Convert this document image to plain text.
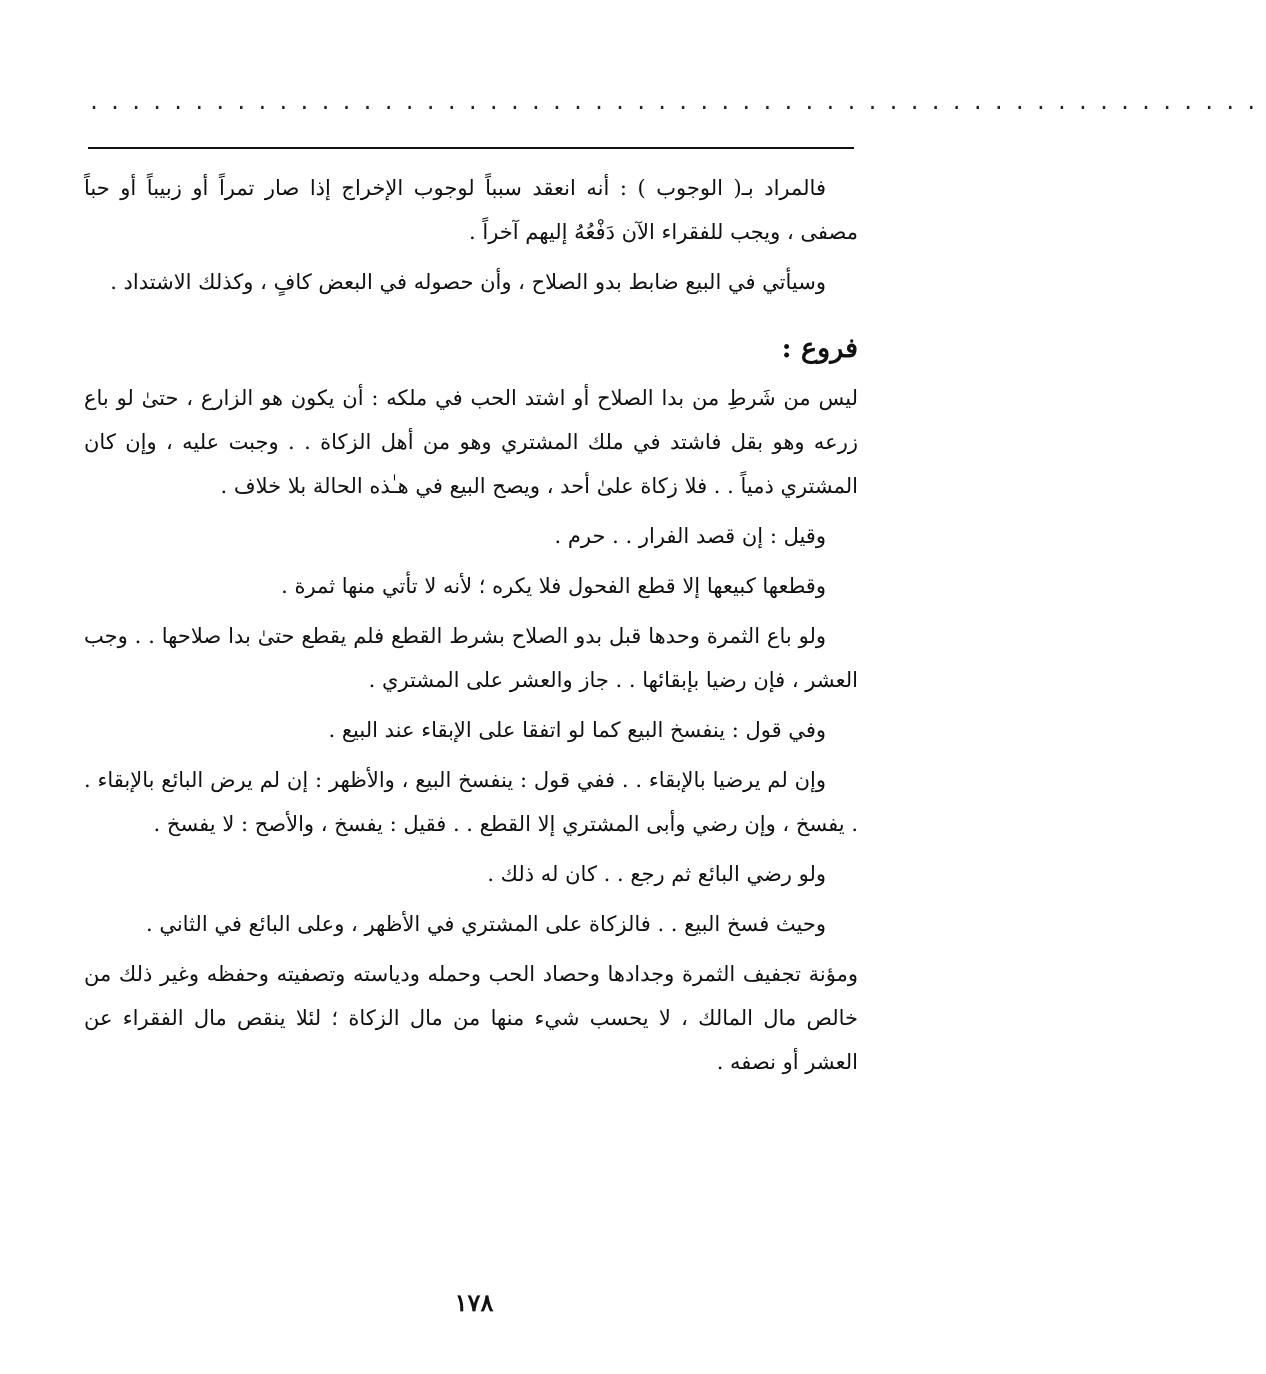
........................................................

فالمراد بـ( الوجوب ) : أنه انعقد سبباً لوجوب الإخراج إذا صار تمراً أو زبيباً أو حباً مصفى ، ويجب للفقراء الآن دَفْعُهُ إليهم آخراً .

وسيأتي في البيع ضابط بدو الصلاح ، وأن حصوله في البعض كافٍ ، وكذلك الاشتداد .

فروع :

ليس من شَرطِ من بدا الصلاح أو اشتد الحب في ملكه : أن يكون هو الزارع ، حتىٰ لو باع زرعه وهو بقل فاشتد في ملك المشتري وهو من أهل الزكاة . . وجبت عليه ، وإن كان المشتري ذمياً . . فلا زكاة علىٰ أحد ، ويصح البيع في هـٰذه الحالة بلا خلاف .

وقيل : إن قصد الفرار . . حرم .

وقطعها كبيعها إلا قطع الفحول فلا يكره ؛ لأنه لا تأتي منها ثمرة .

ولو باع الثمرة وحدها قبل بدو الصلاح بشرط القطع فلم يقطع حتىٰ بدا صلاحها . . وجب العشر ، فإن رضيا بإبقائها . . جاز والعشر على المشتري .

وفي قول : ينفسخ البيع كما لو اتفقا على الإبقاء عند البيع .

وإن لم يرضيا بالإبقاء . . ففي قول : ينفسخ البيع ، والأظهر : إن لم يرض البائع بالإبقاء . . يفسخ ، وإن رضي وأبى المشتري إلا القطع . . فقيل : يفسخ ، والأصح : لا يفسخ .

ولو رضي البائع ثم رجع . . كان له ذلك .

وحيث فسخ البيع . . فالزكاة على المشتري في الأظهر ، وعلى البائع في الثاني .

ومؤنة تجفيف الثمرة وجدادها وحصاد الحب وحمله ودياسته وتصفيته وحفظه وغير ذلك من خالص مال المالك ، لا يحسب شيء منها من مال الزكاة ؛ لئلا ينقص مال الفقراء عن العشر أو نصفه .

١٧٨
